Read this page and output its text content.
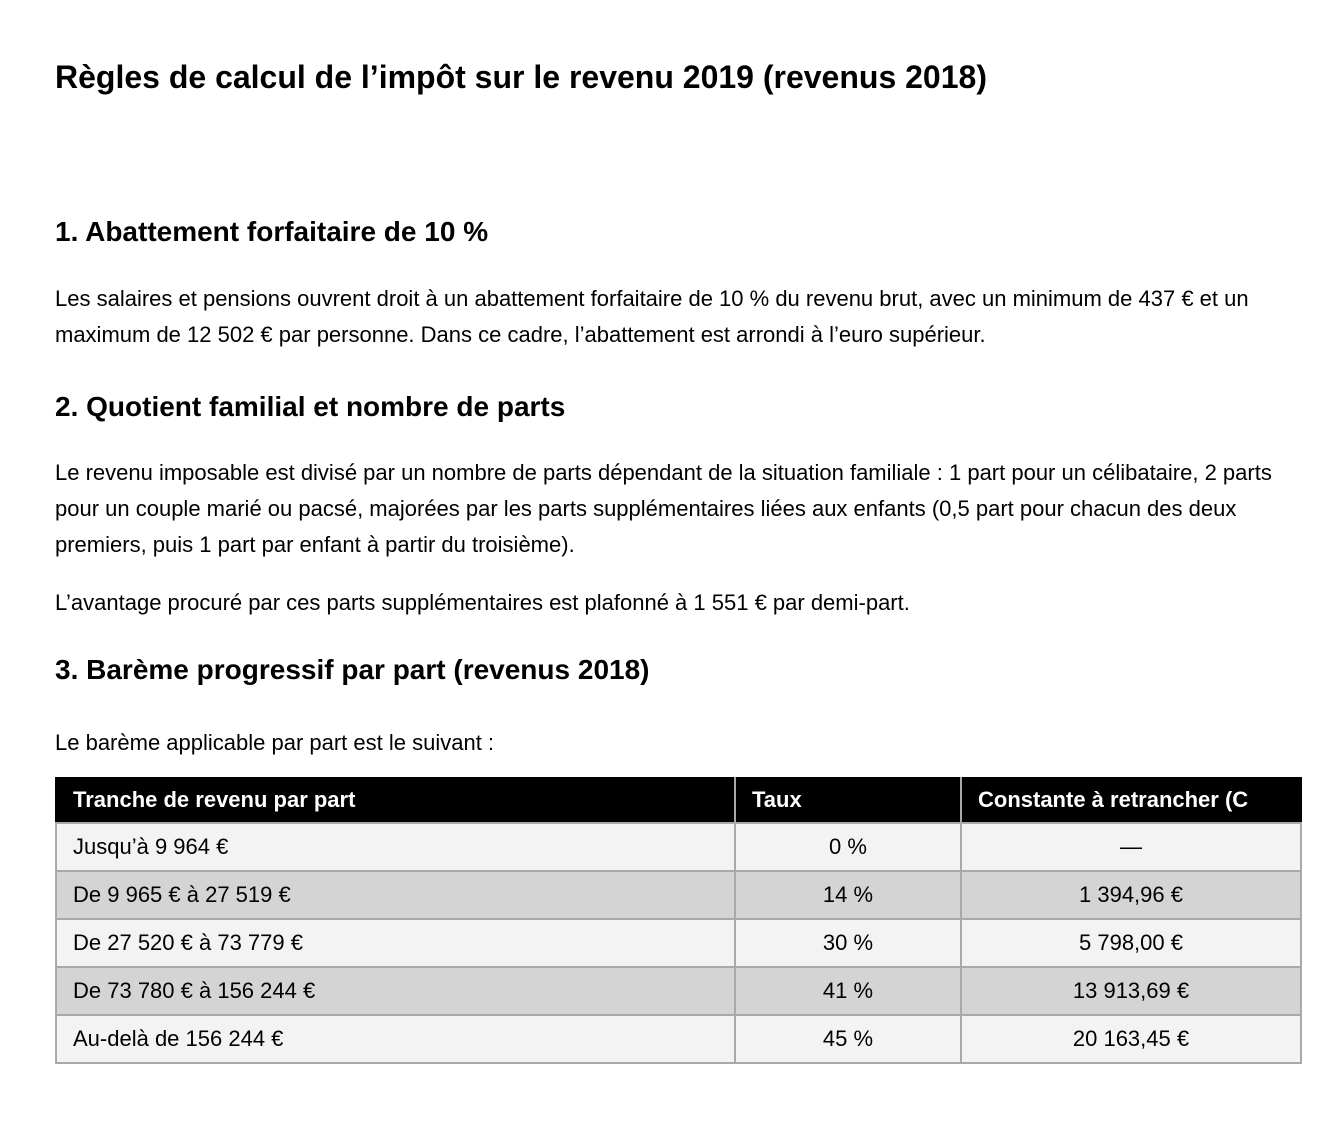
Règles de calcul de l’impôt sur le revenu 2019 (revenus 2018)
1. Abattement forfaitaire de 10 %

Les salaires et pensions ouvrent droit à un abattement forfaitaire de 10 % du revenu brut, avec un minimum de 437 € et un maximum de 12 502 € par personne. Dans ce cadre, l’abattement est arrondi à l’euro supérieur.

2. Quotient familial et nombre de parts

Le revenu imposable est divisé par un nombre de parts dépendant de la situation familiale : 1 part pour un célibataire, 2 parts pour un couple marié ou pacsé, majorées par les parts supplémentaires liées aux enfants (0,5 part pour chacun des deux premiers, puis 1 part par enfant à partir du troisième).

L’avantage procuré par ces parts supplémentaires est plafonné à 1 551 € par demi-part.

3. Barème progressif par part (revenus 2018)

Le barème applicable par part est le suivant :

Tranche de revenu par part	Taux	Constante à retrancher (C
Jusqu’à 9 964 €	0 %	—
De 9 965 € à 27 519 €	14 %	1 394,96 €
De 27 520 € à 73 779 €	30 %	5 798,00 €
De 73 780 € à 156 244 €	41 %	13 913,69 €
Au-delà de 156 244 €	45 %	20 163,45 €
